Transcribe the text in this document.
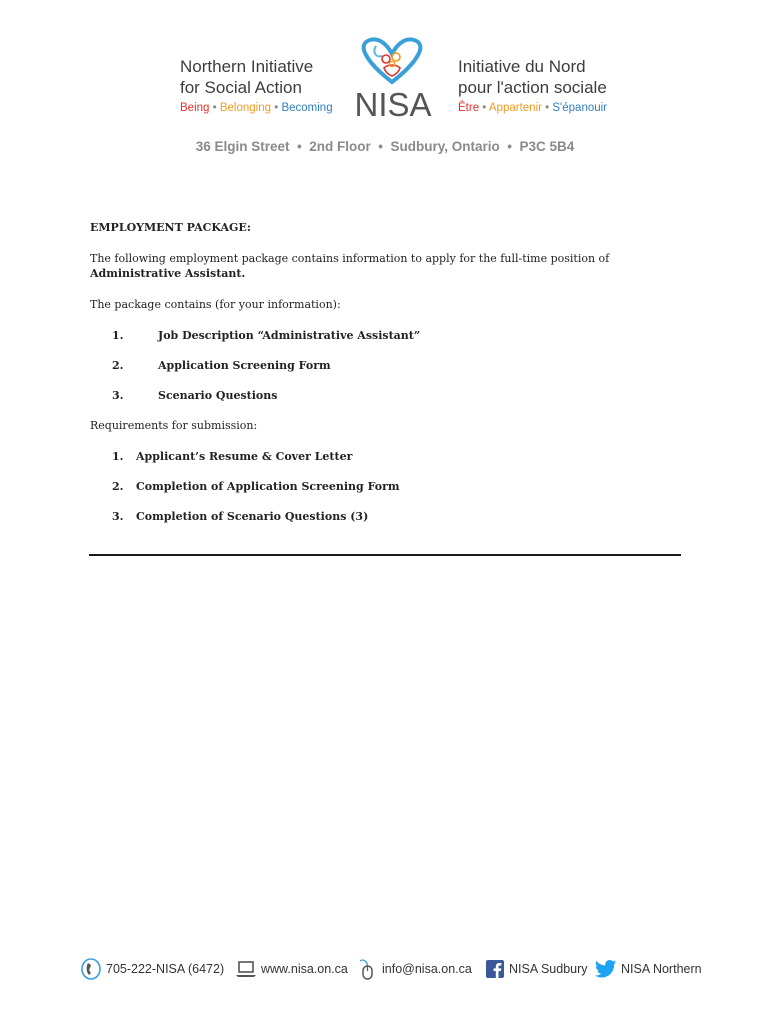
Northern Initiative
for Social Action
Being • Belonging • Becoming NISA
Initiative du Nord
pour l'action sociale
Être • Appartenir • S'épanouir
36 Elgin Street  •  2nd Floor  •  Sudbury, Ontario  •  P3C 5B4

EMPLOYMENT PACKAGE:

The following employment package contains information to apply for the full-time position of
Administrative Assistant.

The package contains (for your information):

1.	Job Description “Administrative Assistant”
2.	Application Screening Form
3.	Scenario Questions

Requirements for submission:

1.	Applicant’s Resume & Cover Letter
2.	Completion of Application Screening Form
3.	Completion of Scenario Questions (3)
705-222-NISA (6472)	www.nisa.on.ca	info@nisa.on.ca	NISA Sudbury	NISA Northern
